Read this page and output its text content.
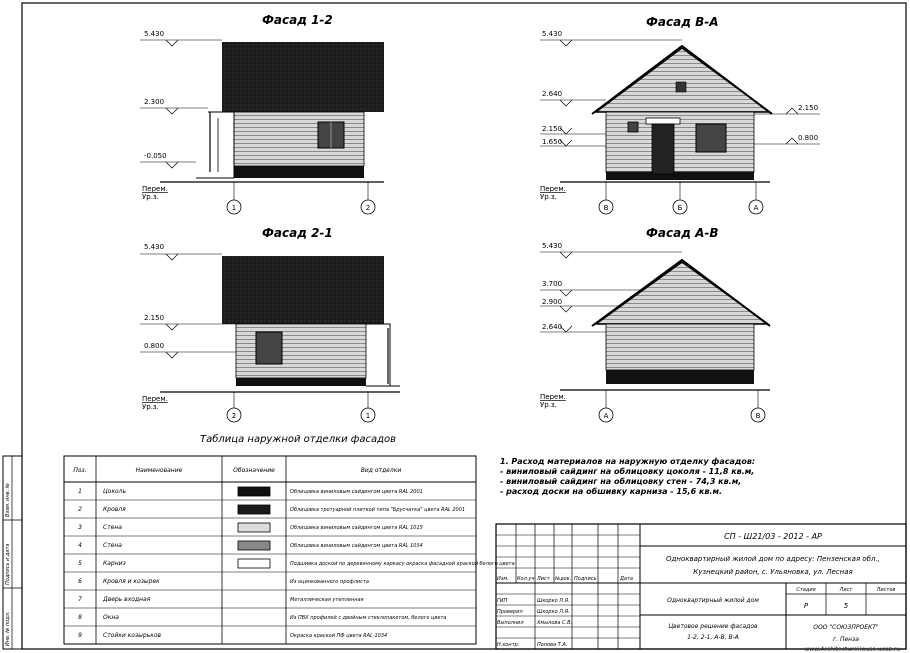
Инв. № подл.
Подпись и дата
Взам. инв. №
Фасад 1-2
5.430
2.300
-0.050
Перем.
Ур.з.
1	2
Фасад 2-1
5.430
2.150
0.800
Перем.
Ур.з.
2	1
Фасад В-А
5.430
2.640
2.150
1.650
2.150
0.800
Перем.
Ур.з.
В	Б	А
Фасад А-В
5.430
3.700
2.900
2.640
Перем.
Ур.з.
А	В
Таблица наружной отделки фасадов
Поз.	Наименование	Обозначение	Вид отделки
1	Цоколь	Облицовка виниловым сайдингом цвета RAL 2001
2	Кровля	Облицовка тротуарной плиткой типа "Брусчатка" цвета RAL 2001
3	Стена	Облицовка виниловым сайдингом цвета RAL 1015
4	Стена	Облицовка виниловым сайдингом цвета RAL 1034
5	Карниз	Подшивка доской по деревянному каркасу окраска фасадной краской белого цвета
6	Кровля и козырек	Из оцинкованного профлиста
7	Дверь входная	Металлическая утепленная
8	Окна	Из ПВХ профилей с двойным стеклопакетом, белого цвета
9	Стойки козырьков	Окраска краской ПФ цвета RAL 1034
1. Расход материалов на наружную отделку фасадов:
- виниловый сайдинг на облицовку цоколя - 11,8 кв.м,
- виниловый сайдинг на облицовку стен - 74,3 кв.м,
- расход доски на обшивку карниза - 15,6 кв.м.
Изм. Кол.уч Лист №док. Подпись	Дата
ГИП	Шкорко Л.Я.
Проверил	Шкорко Л.Я.
Выполнил	Хмылова С.В.
Н.контр.	Попова Т.А.
СП - Ш21/03 - 2012 - АР
Одноквартирный жилой дом по адресу: Пензенская обл.,
Кузнецкий район, с. Ульяновка, ул. Лесная
Одноквартирный жилой дом
Цветовое решение фасадов
1-2, 2-1, А-В, В-А
Стадия	Лист	Листов
Р	5
ООО "СОЮЗПРОЕКТ"
г. Пенза
www.ArchitectureHouse.ucoz.ru
